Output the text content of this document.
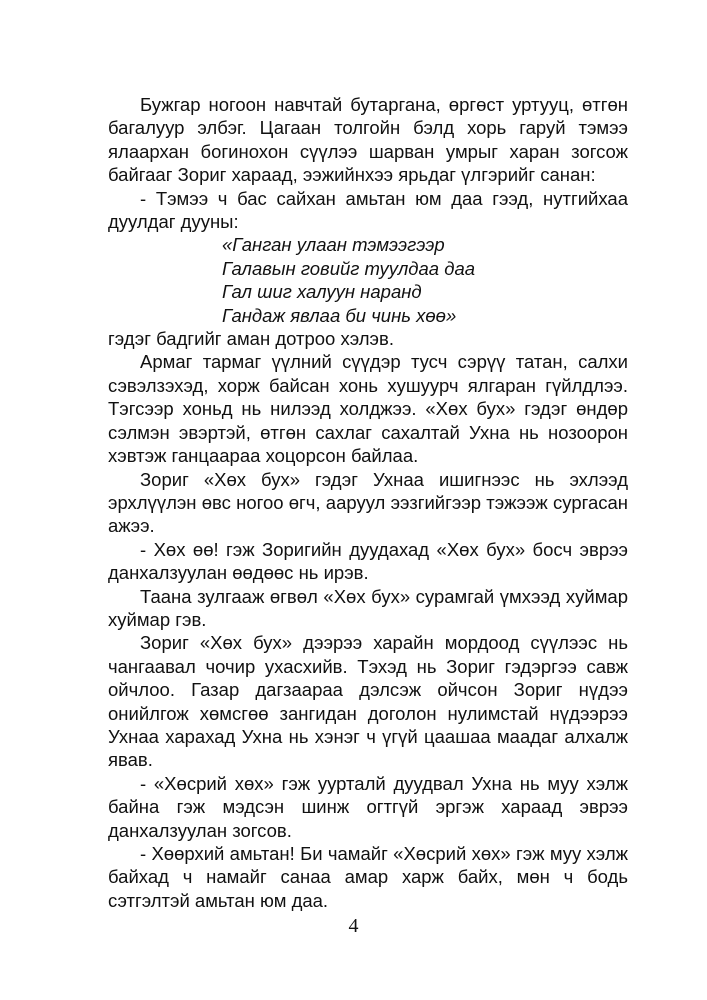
Бужгар ногоон навчтай бутаргана, өргөст уртууц, өтгөн багалуур элбэг. Цагаан толгойн бэлд хорь гаруй тэмээ ялаархан богинохон сүүлээ шарван умрыг харан зогсож байгааг Зориг хараад, ээжийнхээ ярьдаг үлгэрийг санан:

- Тэмээ ч бас сайхан амьтан юм даа гээд, нутгийхаа дуулдаг дууны:

«Ганган улаан тэмээгээр
Галавын говийг туулдаа даа
Гал шиг халуун наранд
Гандаж явлаа би чинь хөө»

гэдэг бадгийг аман дотроо хэлэв.

Армаг тармаг үүлний сүүдэр тусч сэрүү татан, салхи сэвэлзэхэд, хорж байсан хонь хушуурч ялгаран гүйлдлээ. Тэгсээр хоньд нь нилээд холджээ. «Хөх бух» гэдэг өндөр сэлмэн эвэртэй, өтгөн сахлаг сахалтай Ухна нь нозоорон хэвтэж ганцаараа хоцорсон байлаа.

Зориг «Хөх бух» гэдэг Ухнаа ишигнээс нь эхлээд эрхлүүлэн өвс ногоо өгч, ааруул ээзгийгээр тэжээж сургасан ажээ.

- Хөх өө! гэж Зоригийн дуудахад «Хөх бух» босч эврээ данхалзуулан өөдөөс нь ирэв.

Таана зулгааж өгвөл «Хөх бух» сурамгай үмхээд хуймар хуймар гэв.

Зориг «Хөх бух» дээрээ харайн мордоод сүүлээс нь чангаавал чочир ухасхийв. Тэхэд нь Зориг гэдэргээ савж ойчлоо. Газар дагзаараа дэлсэж ойчсон Зориг нүдээ онийлгож хөмсгөө зангидан доголон нулимстай нүдээрээ Ухнаа харахад Ухна нь хэнэг ч үгүй цаашаа маадаг алхалж явав.

- «Хөсрий хөх» гэж уурталй дуудвал Ухна нь муу хэлж байна гэж мэдсэн шинж огтгүй эргэж хараад эврээ данхалзуулан зогсов.

- Хөөрхий амьтан! Би чамайг «Хөсрий хөх» гэж муу хэлж байхад ч намайг санаа амар харж байх, мөн ч бодь сэтгэлтэй амьтан юм даа.

4
